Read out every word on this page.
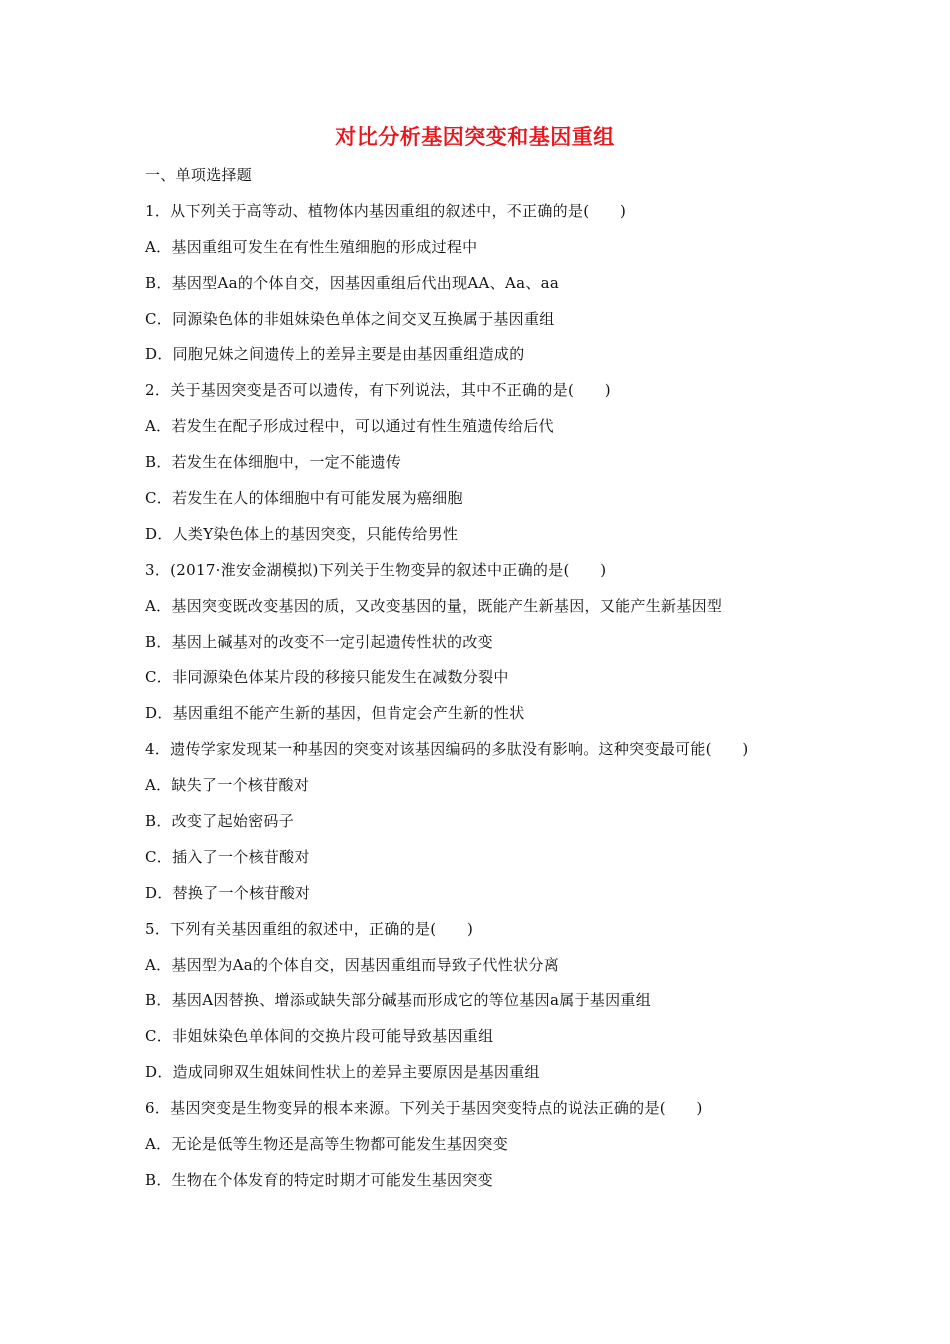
对比分析基因突变和基因重组
一、单项选择题
1．从下列关于高等动、植物体内基因重组的叙述中，不正确的是(　　)
A．基因重组可发生在有性生殖细胞的形成过程中
B．基因型Aa的个体自交，因基因重组后代出现AA、Aa、aa
C．同源染色体的非姐妹染色单体之间交叉互换属于基因重组
D．同胞兄妹之间遗传上的差异主要是由基因重组造成的
2．关于基因突变是否可以遗传，有下列说法，其中不正确的是(　　)
A．若发生在配子形成过程中，可以通过有性生殖遗传给后代
B．若发生在体细胞中，一定不能遗传
C．若发生在人的体细胞中有可能发展为癌细胞
D．人类Y染色体上的基因突变，只能传给男性
3．(2017·淮安金湖模拟)下列关于生物变异的叙述中正确的是(　　)
A．基因突变既改变基因的质，又改变基因的量，既能产生新基因，又能产生新基因型
B．基因上碱基对的改变不一定引起遗传性状的改变
C．非同源染色体某片段的移接只能发生在减数分裂中
D．基因重组不能产生新的基因，但肯定会产生新的性状
4．遗传学家发现某一种基因的突变对该基因编码的多肽没有影响。这种突变最可能(　　)
A．缺失了一个核苷酸对
B．改变了起始密码子
C．插入了一个核苷酸对
D．替换了一个核苷酸对
5．下列有关基因重组的叙述中，正确的是(　　)
A．基因型为Aa的个体自交，因基因重组而导致子代性状分离
B．基因A因替换、增添或缺失部分碱基而形成它的等位基因a属于基因重组
C．非姐妹染色单体间的交换片段可能导致基因重组
D．造成同卵双生姐妹间性状上的差异主要原因是基因重组
6．基因突变是生物变异的根本来源。下列关于基因突变特点的说法正确的是(　　)
A．无论是低等生物还是高等生物都可能发生基因突变
B．生物在个体发育的特定时期才可能发生基因突变
